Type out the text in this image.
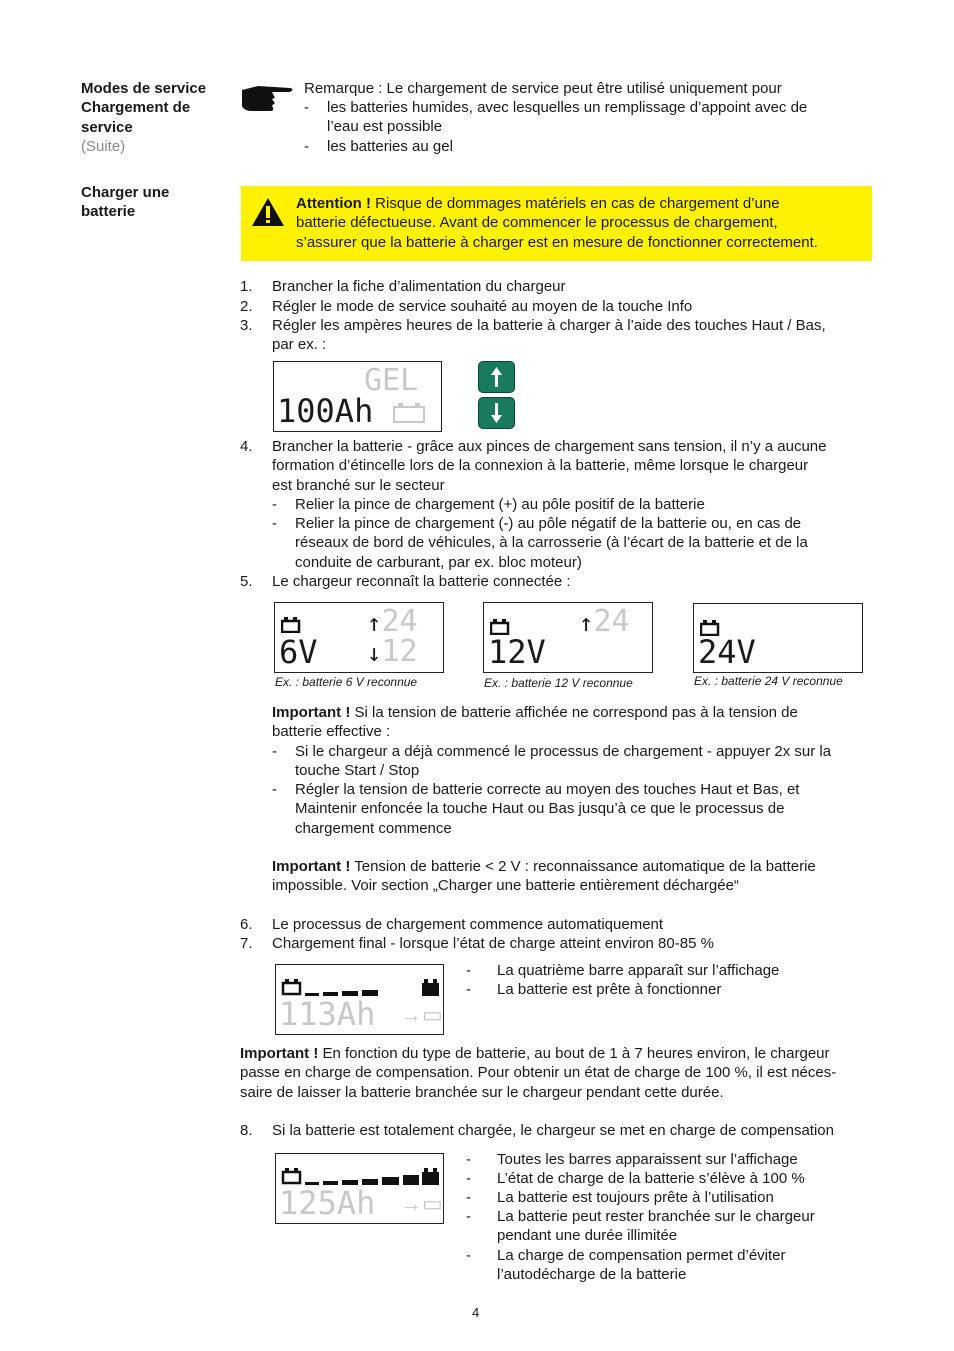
Modes de service
Chargement de
service
(Suite)
Charger une
batterie
Remarque : Le chargement de service peut être utilisé uniquement pour
- les batteries humides, avec lesquelles un remplissage d’appoint avec de
l’eau est possible
- les batteries au gel
Attention ! Risque de dommages matériels en cas de chargement d’une
batterie défectueuse. Avant de commencer le processus de chargement,
s’assurer que la batterie à charger est en mesure de fonctionner correctement.
1. Brancher la fiche d’alimentation du chargeur
2. Régler le mode de service souhaité au moyen de la touche Info
3. Régler les ampères heures de la batterie à charger à l’aide des touches Haut / Bas,
par ex. :
GEL
100Ah
4. Brancher la batterie - grâce aux pinces de chargement sans tension, il n’y a aucune
formation d’étincelle lors de la connexion à la batterie, même lorsque le chargeur
est branché sur le secteur
- Relier la pince de chargement (+) au pôle positif de la batterie
- Relier la pince de chargement (-) au pôle négatif de la batterie ou, en cas de
réseaux de bord de véhicules, à la carrosserie (à l’écart de la batterie et de la
conduite de carburant, par ex. bloc moteur)
5. Le chargeur reconnaît la batterie connectée :
6V
↑24
↓12
Ex. : batterie 6 V reconnue
12V
↑24
Ex. : batterie 12 V reconnue
24V
Ex. : batterie 24 V reconnue
Important ! Si la tension de batterie affichée ne correspond pas à la tension de
batterie effective :
- Si le chargeur a déjà commencé le processus de chargement - appuyer 2x sur la
touche Start / Stop
- Régler la tension de batterie correcte au moyen des touches Haut et Bas, et
Maintenir enfoncée la touche Haut ou Bas jusqu’à ce que le processus de
chargement commence
Important ! Tension de batterie < 2 V : reconnaissance automatique de la batterie
impossible. Voir section „Charger une batterie entièrement déchargée“
6. Le processus de chargement commence automatiquement
7. Chargement final - lorsque l’état de charge atteint environ 80-85 %
113Ah →▭
- La quatrième barre apparaît sur l’affichage
- La batterie est prête à fonctionner
Important ! En fonction du type de batterie, au bout de 1 à 7 heures environ, le chargeur
passe en charge de compensation. Pour obtenir un état de charge de 100 %, il est néces-
saire de laisser la batterie branchée sur le chargeur pendant cette durée.
8. Si la batterie est totalement chargée, le chargeur se met en charge de compensation
125Ah →▭
- Toutes les barres apparaissent sur l’affichage
- L’état de charge de la batterie s’élève à 100 %
- La batterie est toujours prête à l’utilisation
- La batterie peut rester branchée sur le chargeur
pendant une durée illimitée
- La charge de compensation permet d’éviter
l’autodécharge de la batterie
4
